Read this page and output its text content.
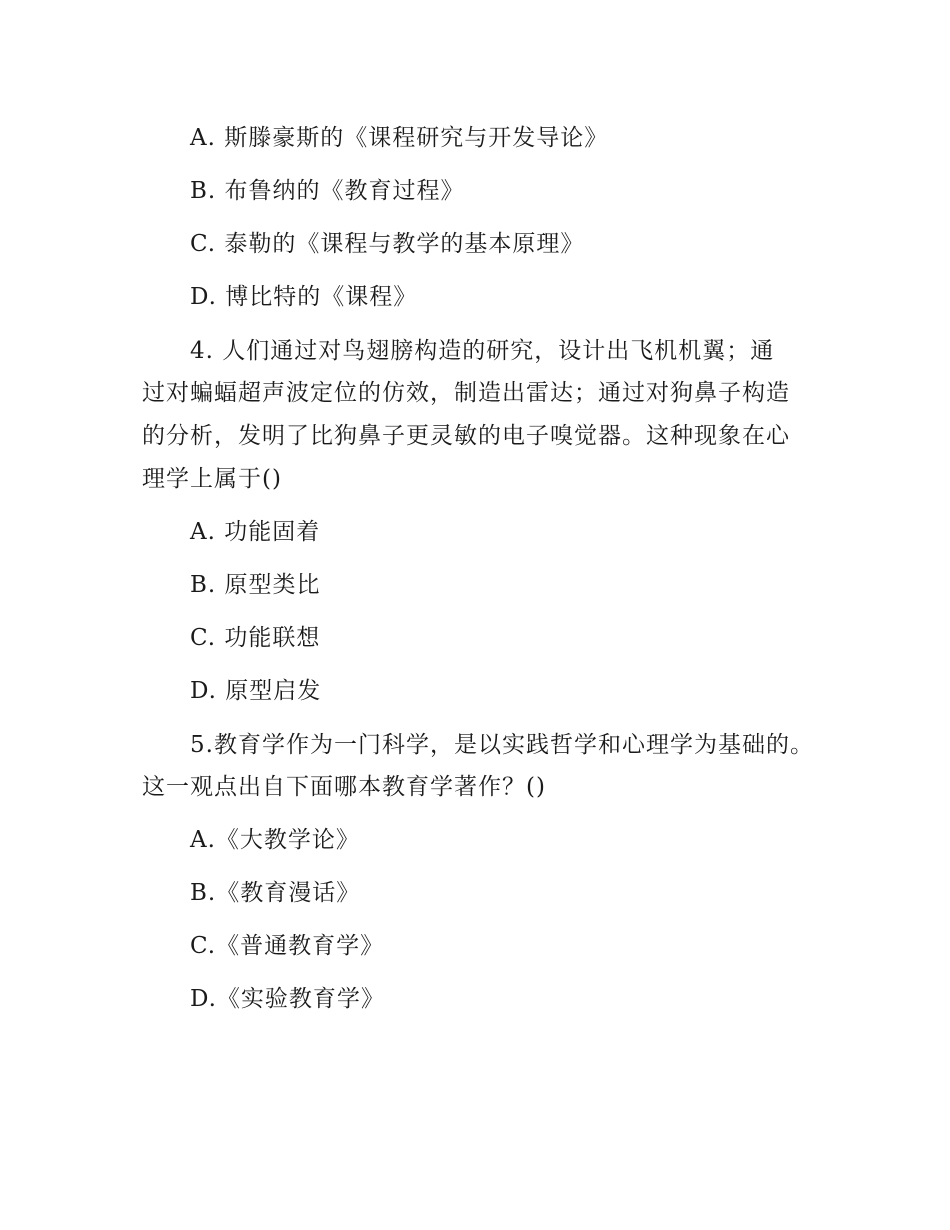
A. 斯滕豪斯的《课程研究与开发导论》
B. 布鲁纳的《教育过程》
C. 泰勒的《课程与教学的基本原理》
D. 博比特的《课程》
4. 人们通过对鸟翅膀构造的研究，设计出飞机机翼；通
过对蝙蝠超声波定位的仿效，制造出雷达；通过对狗鼻子构造
的分析，发明了比狗鼻子更灵敏的电子嗅觉器。这种现象在心
理学上属于()
A. 功能固着
B. 原型类比
C. 功能联想
D. 原型启发
5.教育学作为一门科学，是以实践哲学和心理学为基础的。
这一观点出自下面哪本教育学著作？()
A.《大教学论》
B.《教育漫话》
C.《普通教育学》
D.《实验教育学》
